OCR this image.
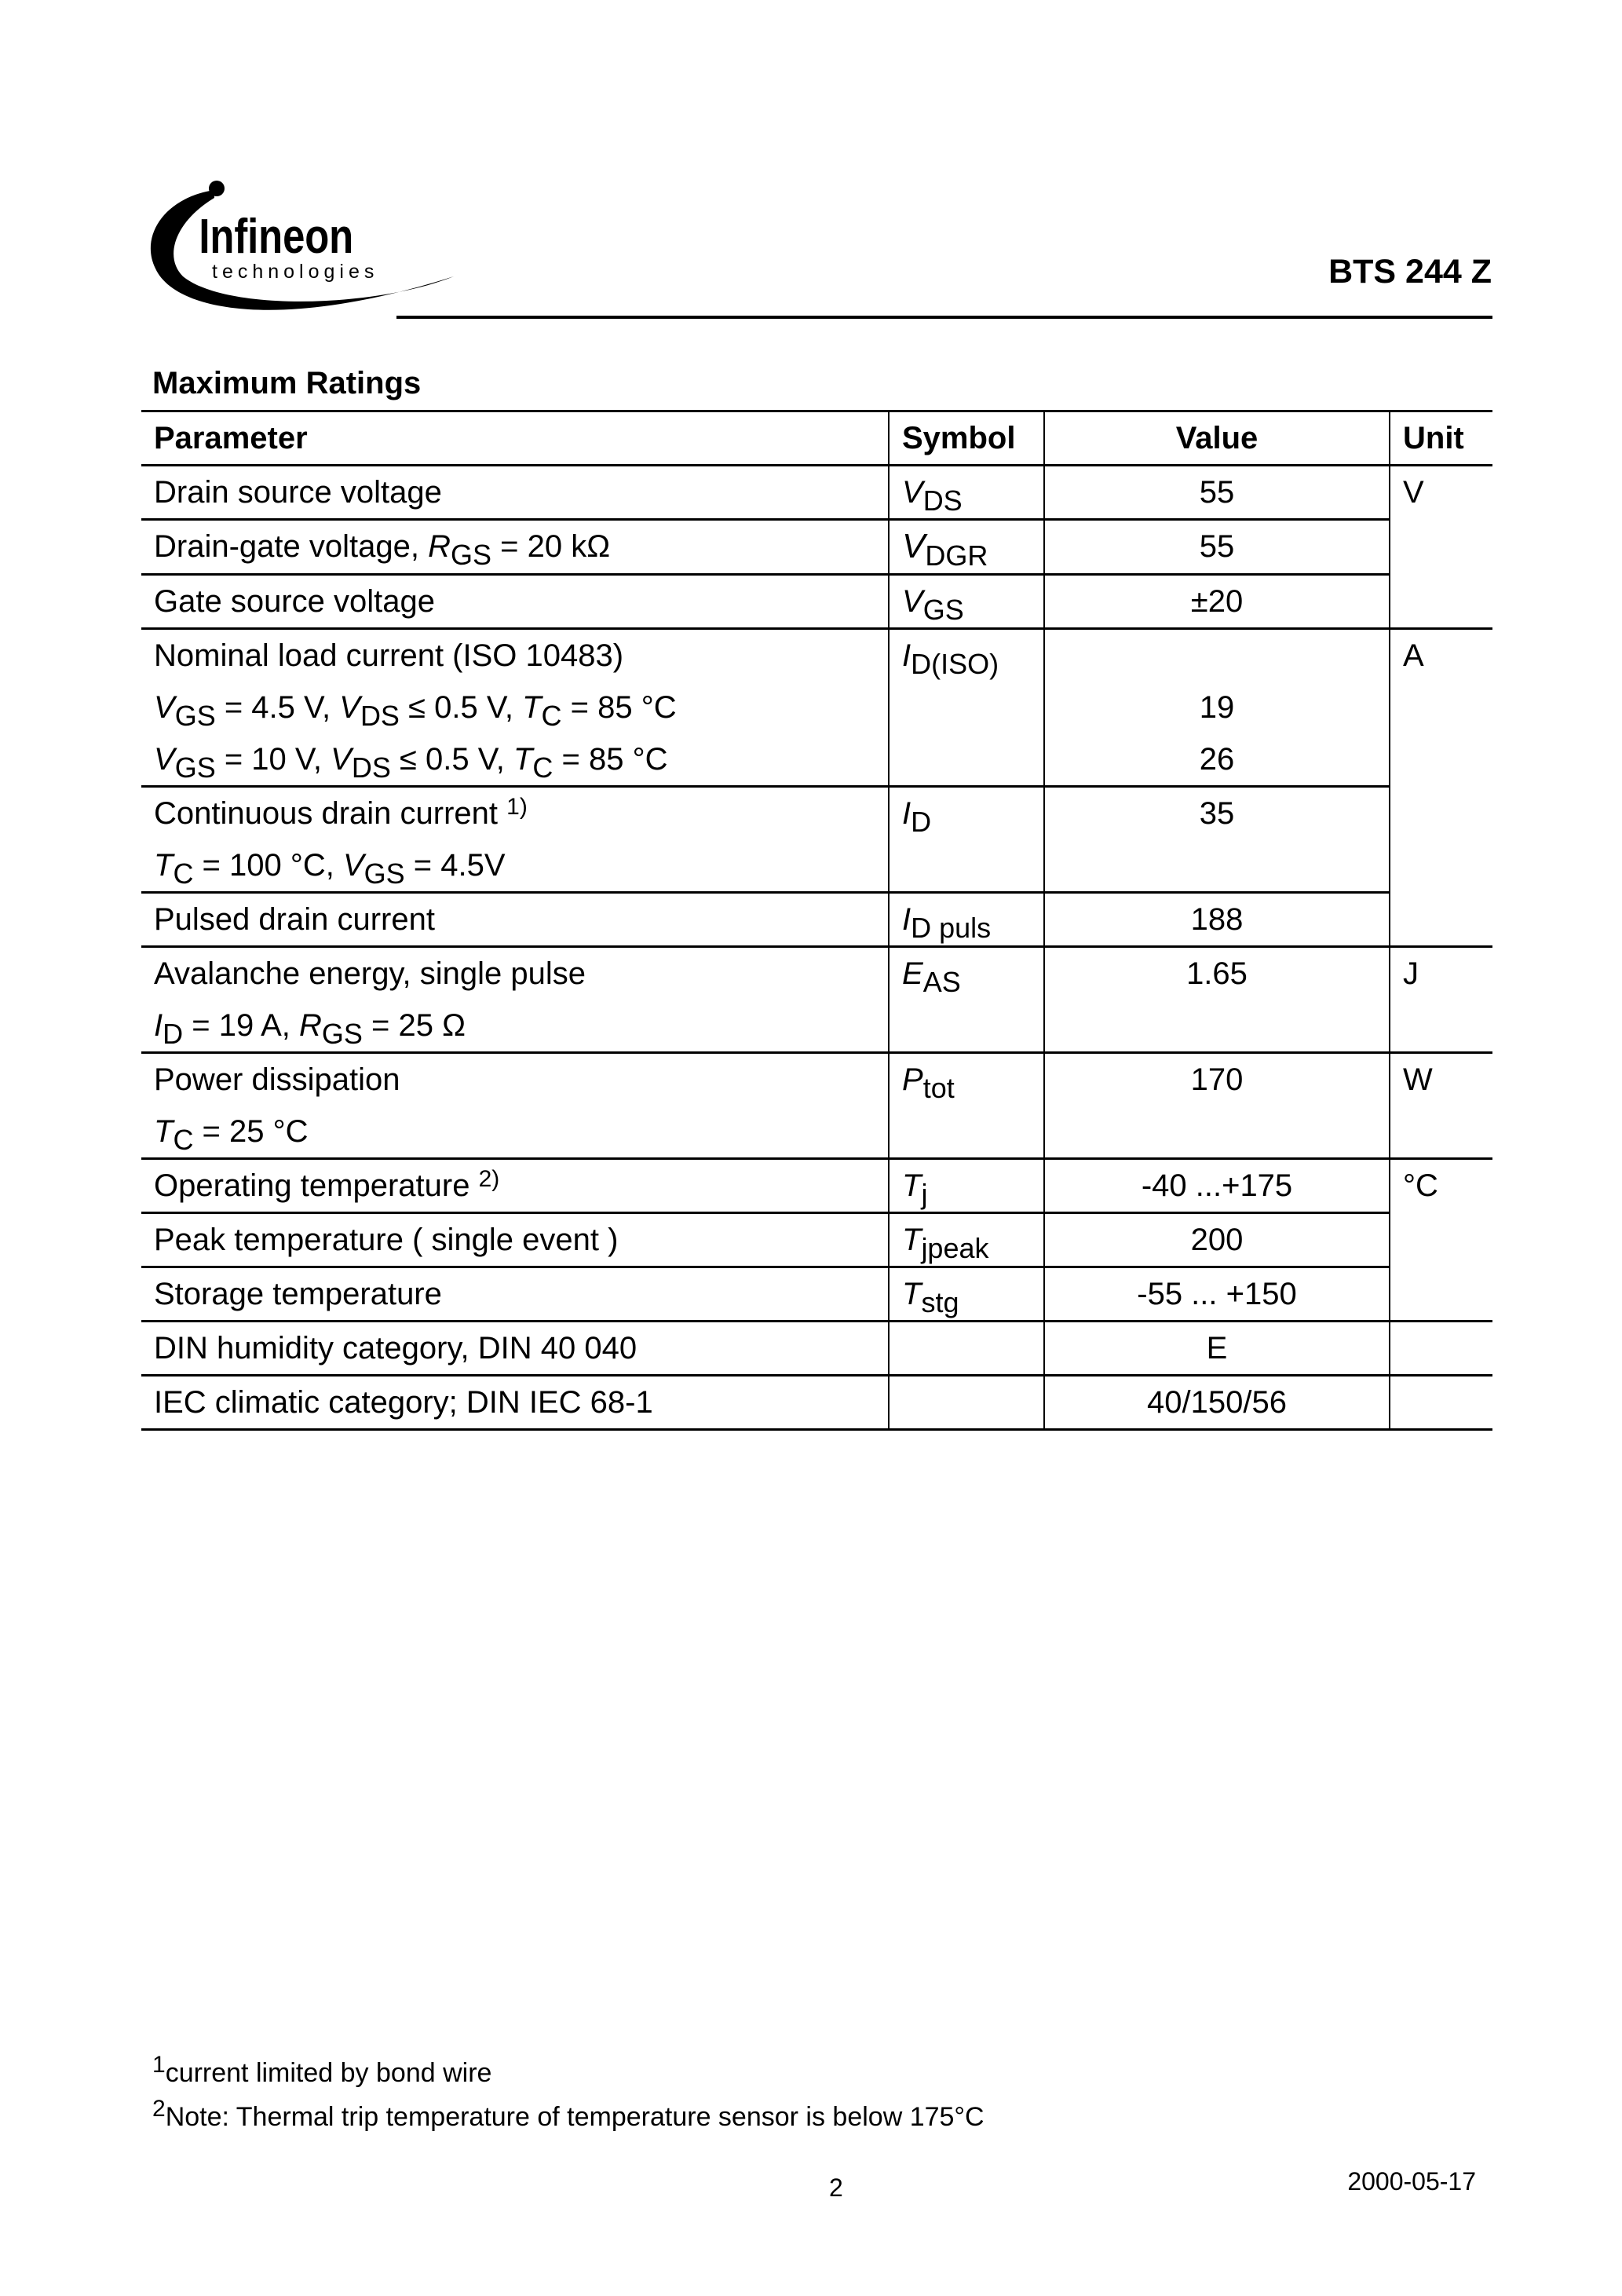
Infineon
technologies	BTS 244 Z
Maximum Ratings
Parameter	Symbol	Value	Unit
Drain source voltage	$V_{DS}$	55	V
Drain-gate voltage, $R_{GS} = 20$ kΩ	$V_{DGR}$	55	
Gate source voltage	$V_{GS}$	±20	
Nominal load current (ISO 10483)	$I_{D(ISO)}$		A
$V_{GS} = 4.5$ V, $V_{DS} \le 0.5$ V, $T_C = 85$ °C		19	
$V_{GS} = 10$ V, $V_{DS} \le 0.5$ V, $T_C = 85$ °C		26	
Continuous drain current $^{1)}$	$I_D$	35	
$T_C = 100$ °C, $V_{GS} = 4.5V$			
Pulsed drain current	$I_{D puls}$	188	
Avalanche energy, single pulse	$E_{AS}$	1.65	J
$I_D = 19$ A, $R_{GS} = 25$ Ω			
Power dissipation	$P_{tot}$	170	W
$T_C = 25$ °C			
Operating temperature $^{2)}$	$T_j$	-40 ...+175	°C
Peak temperature ( single event )	$T_{jpeak}$	200	
Storage temperature	$T_{stg}$	-55 ... +150	
DIN humidity category, DIN 40 040		E	
IEC climatic category; DIN IEC 68-1		40/150/56	

$^1$current limited by bond wire

$^2$Note: Thermal trip temperature of temperature sensor is below 175°C

2	2000-05-17
